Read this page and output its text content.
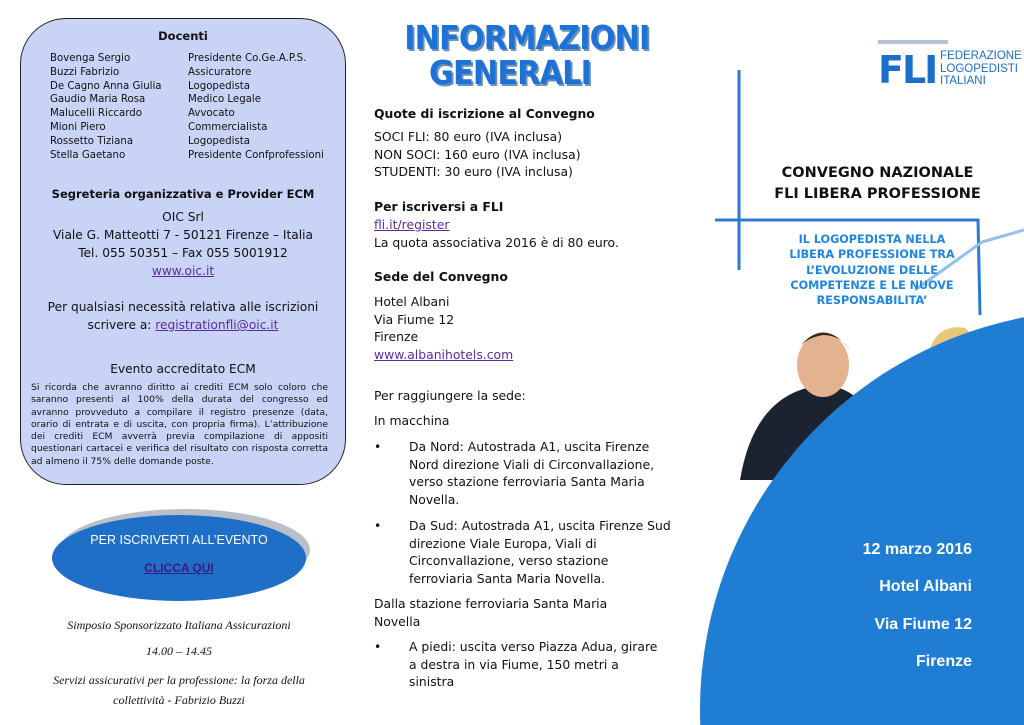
Docenti
Bovenga Sergio
Buzzi Fabrizio
De Cagno Anna Giulia
Gaudio Maria Rosa
Malucelli Riccardo
Mioni Piero
Rossetto Tiziana
Stella Gaetano
Presidente Co.Ge.A.P.S.
Assicuratore
Logopedista
Medico Legale
Avvocato
Commercialista
Logopedista
Presidente Confprofessioni
Segreteria organizzativa e Provider ECM
OIC Srl
Viale G. Matteotti 7 - 50121 Firenze – Italia
Tel. 055 50351 – Fax 055 5001912
www.oic.it
Per qualsiasi necessità relativa alle iscrizioni
scrivere a: registrationfli@oic.it
Evento accreditato ECM
Si ricorda che avranno diritto ai crediti ECM solo coloro che saranno presenti al 100% della durata del congresso ed avranno provveduto a compilare il registro presenze (data, orario di entrata e di uscita, con propria firma). L’attribuzione dei crediti ECM avverrà previa compilazione di appositi questionari cartacei e verifica del risultato con risposta corretta ad almeno il 75% delle domande poste.
PER ISCRIVERTI ALL’EVENTO
CLICCA QUI
Simposio Sponsorizzato Italiana Assicurazioni
14.00 – 14.45
Servizi assicurativi per la professione: la forza della
collettività - Fabrizio Buzzi
INFORMAZIONI
GENERALI
Quote di iscrizione al Convegno
SOCI FLI: 80 euro (IVA inclusa)
NON SOCI: 160 euro (IVA inclusa)
STUDENTI: 30 euro (IVA inclusa)
Per iscriversi a FLI
fli.it/register
La quota associativa 2016 è di 80 euro.
Sede del Convegno
Hotel Albani
Via Fiume 12
Firenze
www.albanihotels.com
Per raggiungere la sede:
In macchina
• Da Nord: Autostrada A1, uscita Firenze Nord direzione Viali di Circonvallazione, verso stazione ferroviaria Santa Maria Novella.
• Da Sud: Autostrada A1, uscita Firenze Sud direzione Viale Europa, Viali di Circonvallazione, verso stazione ferroviaria Santa Maria Novella.
Dalla stazione ferroviaria Santa Maria Novella
• A piedi: uscita verso Piazza Adua, girare a destra in via Fiume, 150 metri a sinistra
FLI FEDERAZIONE
LOGOPEDISTI
ITALIANI
CONVEGNO NAZIONALE
FLI LIBERA PROFESSIONE
IL LOGOPEDISTA NELLA
LIBERA PROFESSIONE TRA
L’EVOLUZIONE DELLE
COMPETENZE E LE NUOVE
RESPONSABILITA’
12 marzo 2016
Hotel Albani
Via Fiume 12
Firenze
